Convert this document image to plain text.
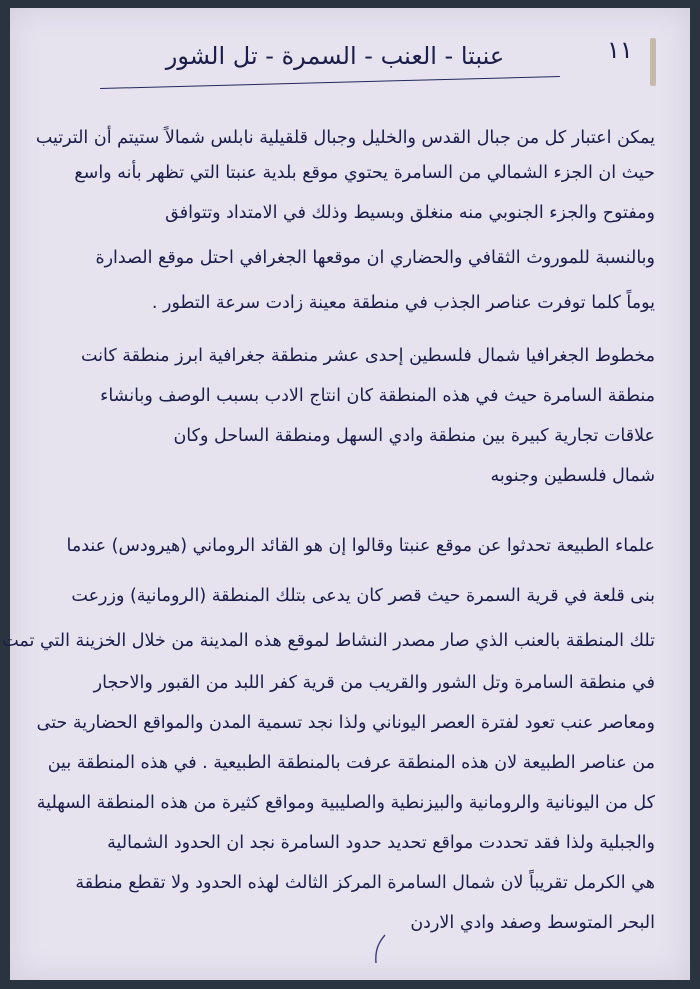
١١
عنبتا - العنب - السمرة - تل الشور
يمكن اعتبار كل من جبال القدس والخليل وجبال قلقيلية نابلس شمالاً ستيتم أن الترتيب
حيث ان الجزء الشمالي من السامرة يحتوي موقع بلدية عنبتا التي تظهر بأنه واسع
ومفتوح والجزء الجنوبي منه منغلق وبسيط وذلك في الامتداد وتتوافق
وبالنسبة للموروث الثقافي والحضاري ان موقعها الجغرافي احتل موقع الصدارة
يوماً كلما توفرت عناصر الجذب في منطقة معينة زادت سرعة التطور .
مخطوط الجغرافيا شمال فلسطين إحدى عشر منطقة جغرافية ابرز منطقة كانت
منطقة السامرة حيث في هذه المنطقة كان انتاج الادب بسبب الوصف وبانشاء
علاقات تجارية كبيرة بين منطقة وادي السهل ومنطقة الساحل وكان
شمال فلسطين وجنوبه
علماء الطبيعة تحدثوا عن موقع عنبتا وقالوا إن هو القائد الروماني (هيرودس) عندما
بنى قلعة في قرية السمرة حيث قصر كان يدعى بتلك المنطقة (الرومانية) وزرعت
تلك المنطقة بالعنب الذي صار مصدر النشاط لموقع هذه المدينة من خلال الخزينة التي تمت
في منطقة السامرة وتل الشور والقريب من قرية كفر اللبد من القبور والاحجار
ومعاصر عنب تعود لفترة العصر اليوناني ولذا نجد تسمية المدن والمواقع الحضارية حتى
من عناصر الطبيعة لان هذه المنطقة عرفت بالمنطقة الطبيعية . في هذه المنطقة بين
كل من اليونانية والرومانية والبيزنطية والصليبية ومواقع كثيرة من هذه المنطقة السهلية
والجبلية ولذا فقد تحددت مواقع تحديد حدود السامرة نجد ان الحدود الشمالية
هي الكرمل تقريباً لان شمال السامرة المركز الثالث لهذه الحدود ولا تقطع منطقة
البحر المتوسط وصفد وادي الاردن
